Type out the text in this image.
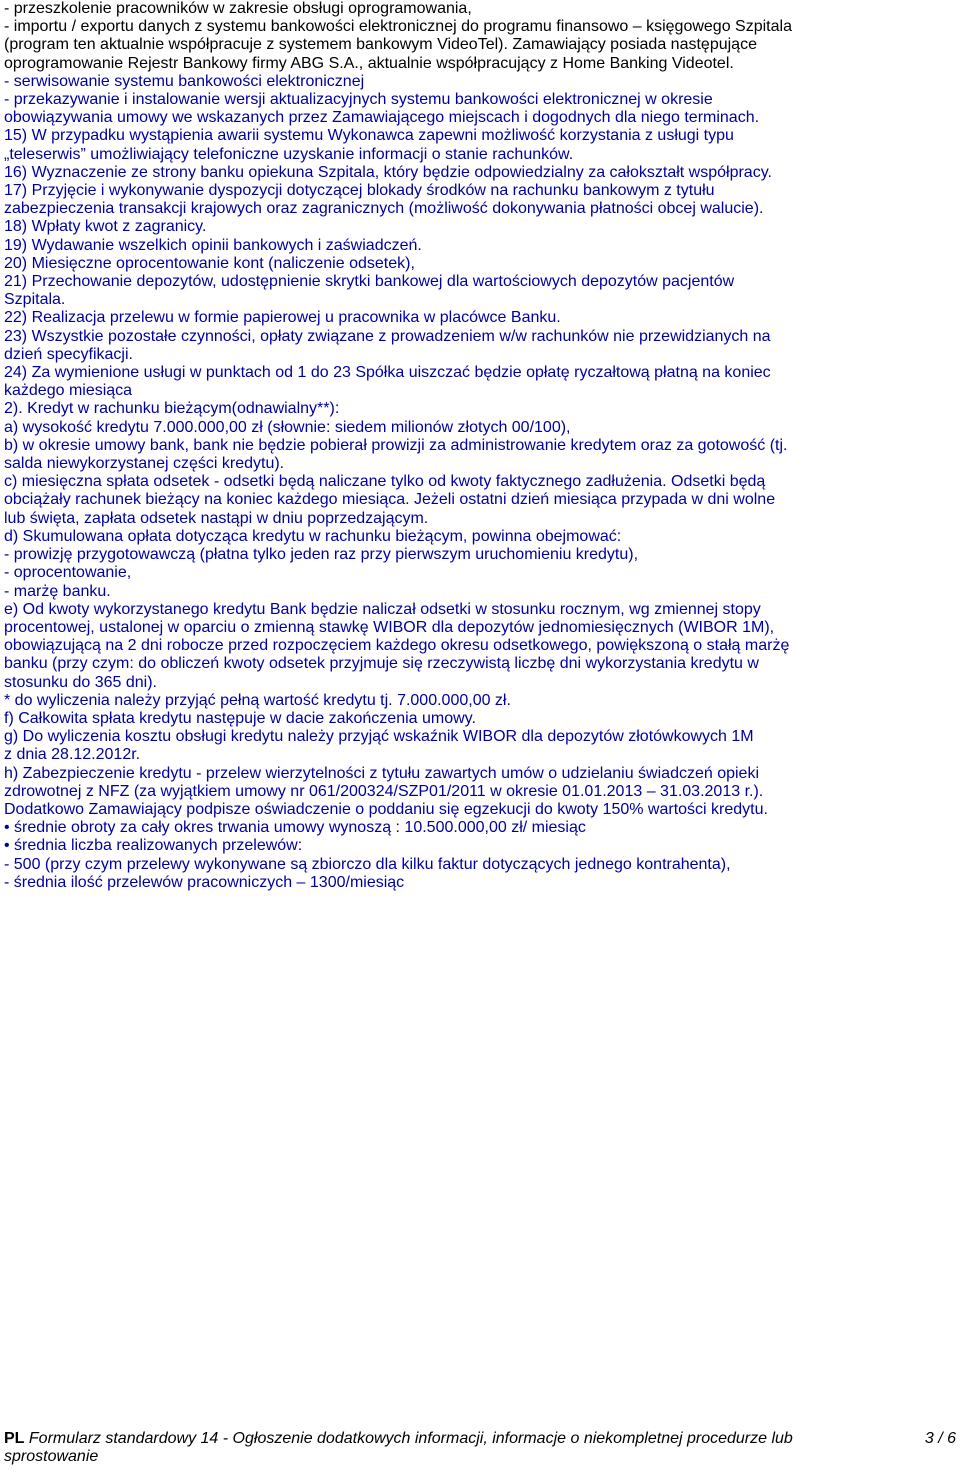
- przeszkolenie pracowników w zakresie obsługi oprogramowania,
- importu / exportu danych z systemu bankowości elektronicznej do programu finansowo – księgowego Szpitala
(program ten aktualnie współpracuje z systemem bankowym VideoTel). Zamawiający posiada następujące
oprogramowanie Rejestr Bankowy firmy ABG S.A., aktualnie współpracujący z Home Banking Videotel.
- serwisowanie systemu bankowości elektronicznej
- przekazywanie i instalowanie wersji aktualizacyjnych systemu bankowości elektronicznej w okresie
obowiązywania umowy we wskazanych przez Zamawiającego miejscach i dogodnych dla niego terminach.
15) W przypadku wystąpienia awarii systemu Wykonawca zapewni możliwość korzystania z usługi typu
„teleserwis” umożliwiający telefoniczne uzyskanie informacji o stanie rachunków.
16) Wyznaczenie ze strony banku opiekuna Szpitala, który będzie odpowiedzialny za całokształt współpracy.
17) Przyjęcie i wykonywanie dyspozycji dotyczącej blokady środków na rachunku bankowym z tytułu
zabezpieczenia transakcji krajowych oraz zagranicznych (możliwość dokonywania płatności obcej walucie).
18) Wpłaty kwot z zagranicy.
19) Wydawanie wszelkich opinii bankowych i zaświadczeń.
20) Miesięczne oprocentowanie kont (naliczenie odsetek),
21) Przechowanie depozytów, udostępnienie skrytki bankowej dla wartościowych depozytów pacjentów
Szpitala.
22) Realizacja przelewu w formie papierowej u pracownika w placówce Banku.
23) Wszystkie pozostałe czynności, opłaty związane z prowadzeniem w/w rachunków nie przewidzianych na
dzień specyfikacji.
24) Za wymienione usługi w punktach od 1 do 23 Spółka uiszczać będzie opłatę ryczałtową płatną na koniec
każdego miesiąca
2). Kredyt w rachunku bieżącym(odnawialny**):
a) wysokość kredytu 7.000.000,00 zł (słownie: siedem milionów złotych 00/100),
b) w okresie umowy bank, bank nie będzie pobierał prowizji za administrowanie kredytem oraz za gotowość (tj.
salda niewykorzystanej części kredytu).
c) miesięczna spłata odsetek - odsetki będą naliczane tylko od kwoty faktycznego zadłużenia. Odsetki będą
obciążały rachunek bieżący na koniec każdego miesiąca. Jeżeli ostatni dzień miesiąca przypada w dni wolne
lub święta, zapłata odsetek nastąpi w dniu poprzedzającym.
d) Skumulowana opłata dotycząca kredytu w rachunku bieżącym, powinna obejmować:
- prowizję przygotowawczą (płatna tylko jeden raz przy pierwszym uruchomieniu kredytu),
- oprocentowanie,
- marżę banku.
e) Od kwoty wykorzystanego kredytu Bank będzie naliczał odsetki w stosunku rocznym, wg zmiennej stopy
procentowej, ustalonej w oparciu o zmienną stawkę WIBOR dla depozytów jednomiesięcznych (WIBOR 1M),
obowiązującą na 2 dni robocze przed rozpoczęciem każdego okresu odsetkowego, powiększoną o stałą marżę
banku (przy czym: do obliczeń kwoty odsetek przyjmuje się rzeczywistą liczbę dni wykorzystania kredytu w
stosunku do 365 dni).
* do wyliczenia należy przyjąć pełną wartość kredytu tj. 7.000.000,00 zł.
f) Całkowita spłata kredytu następuje w dacie zakończenia umowy.
g) Do wyliczenia kosztu obsługi kredytu należy przyjąć wskaźnik WIBOR dla depozytów złotówkowych 1M
z dnia 28.12.2012r.
h) Zabezpieczenie kredytu - przelew wierzytelności z tytułu zawartych umów o udzielaniu świadczeń opieki
zdrowotnej z NFZ (za wyjątkiem umowy nr 061/200324/SZP01/2011 w okresie 01.01.2013 – 31.03.2013 r.).
Dodatkowo Zamawiający podpisze oświadczenie o poddaniu się egzekucji do kwoty 150% wartości kredytu.
• średnie obroty za cały okres trwania umowy wynoszą : 10.500.000,00 zł/ miesiąc
• średnia liczba realizowanych przelewów:
- 500 (przy czym przelewy wykonywane są zbiorczo dla kilku faktur dotyczących jednego kontrahenta),
- średnia ilość przelewów pracowniczych – 1300/miesiąc
PL Formularz standardowy 14 - Ogłoszenie dodatkowych informacji, informacje o niekompletnej procedurze lub	3 / 6
sprostowanie
